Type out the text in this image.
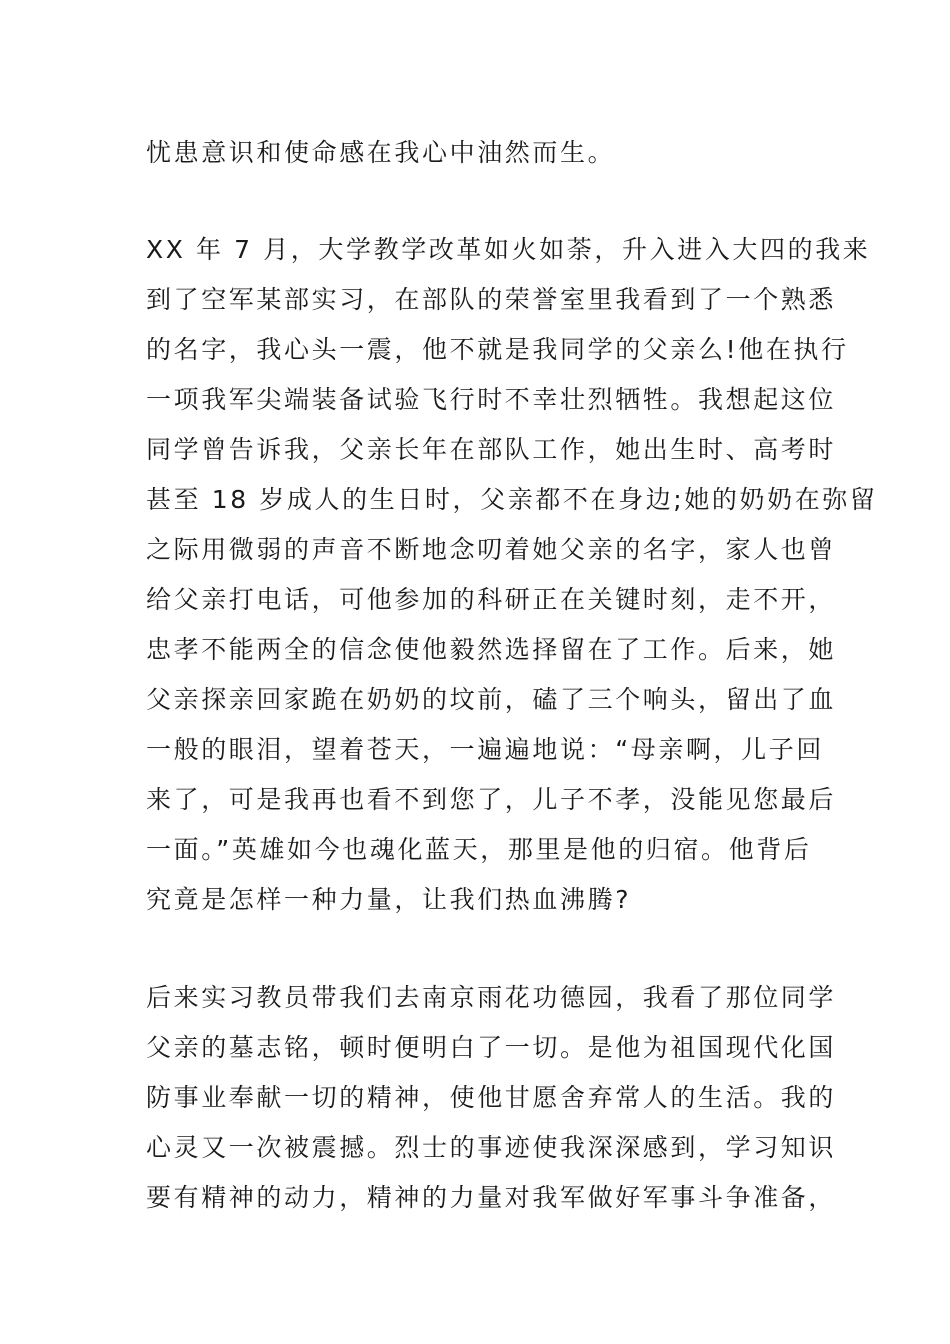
忧患意识和使命感在我心中油然而生。

XX 年 7 月，大学教学改革如火如荼，升入进入大四的我来

到了空军某部实习，在部队的荣誉室里我看到了一个熟悉

的名字，我心头一震，他不就是我同学的父亲么!他在执行

一项我军尖端装备试验飞行时不幸壮烈牺牲。我想起这位

同学曾告诉我，父亲长年在部队工作，她出生时、高考时

甚至 18 岁成人的生日时，父亲都不在身边;她的奶奶在弥留

之际用微弱的声音不断地念叨着她父亲的名字，家人也曾

给父亲打电话，可他参加的科研正在关键时刻，走不开，

忠孝不能两全的信念使他毅然选择留在了工作。后来，她

父亲探亲回家跪在奶奶的坟前，磕了三个响头，留出了血

一般的眼泪，望着苍天，一遍遍地说：“母亲啊，儿子回

来了，可是我再也看不到您了，儿子不孝，没能见您最后

一面。”英雄如今也魂化蓝天，那里是他的归宿。他背后

究竟是怎样一种力量，让我们热血沸腾?

后来实习教员带我们去南京雨花功德园，我看了那位同学

父亲的墓志铭，顿时便明白了一切。是他为祖国现代化国

防事业奉献一切的精神，使他甘愿舍弃常人的生活。我的

心灵又一次被震撼。烈士的事迹使我深深感到，学习知识

要有精神的动力，精神的力量对我军做好军事斗争准备，
